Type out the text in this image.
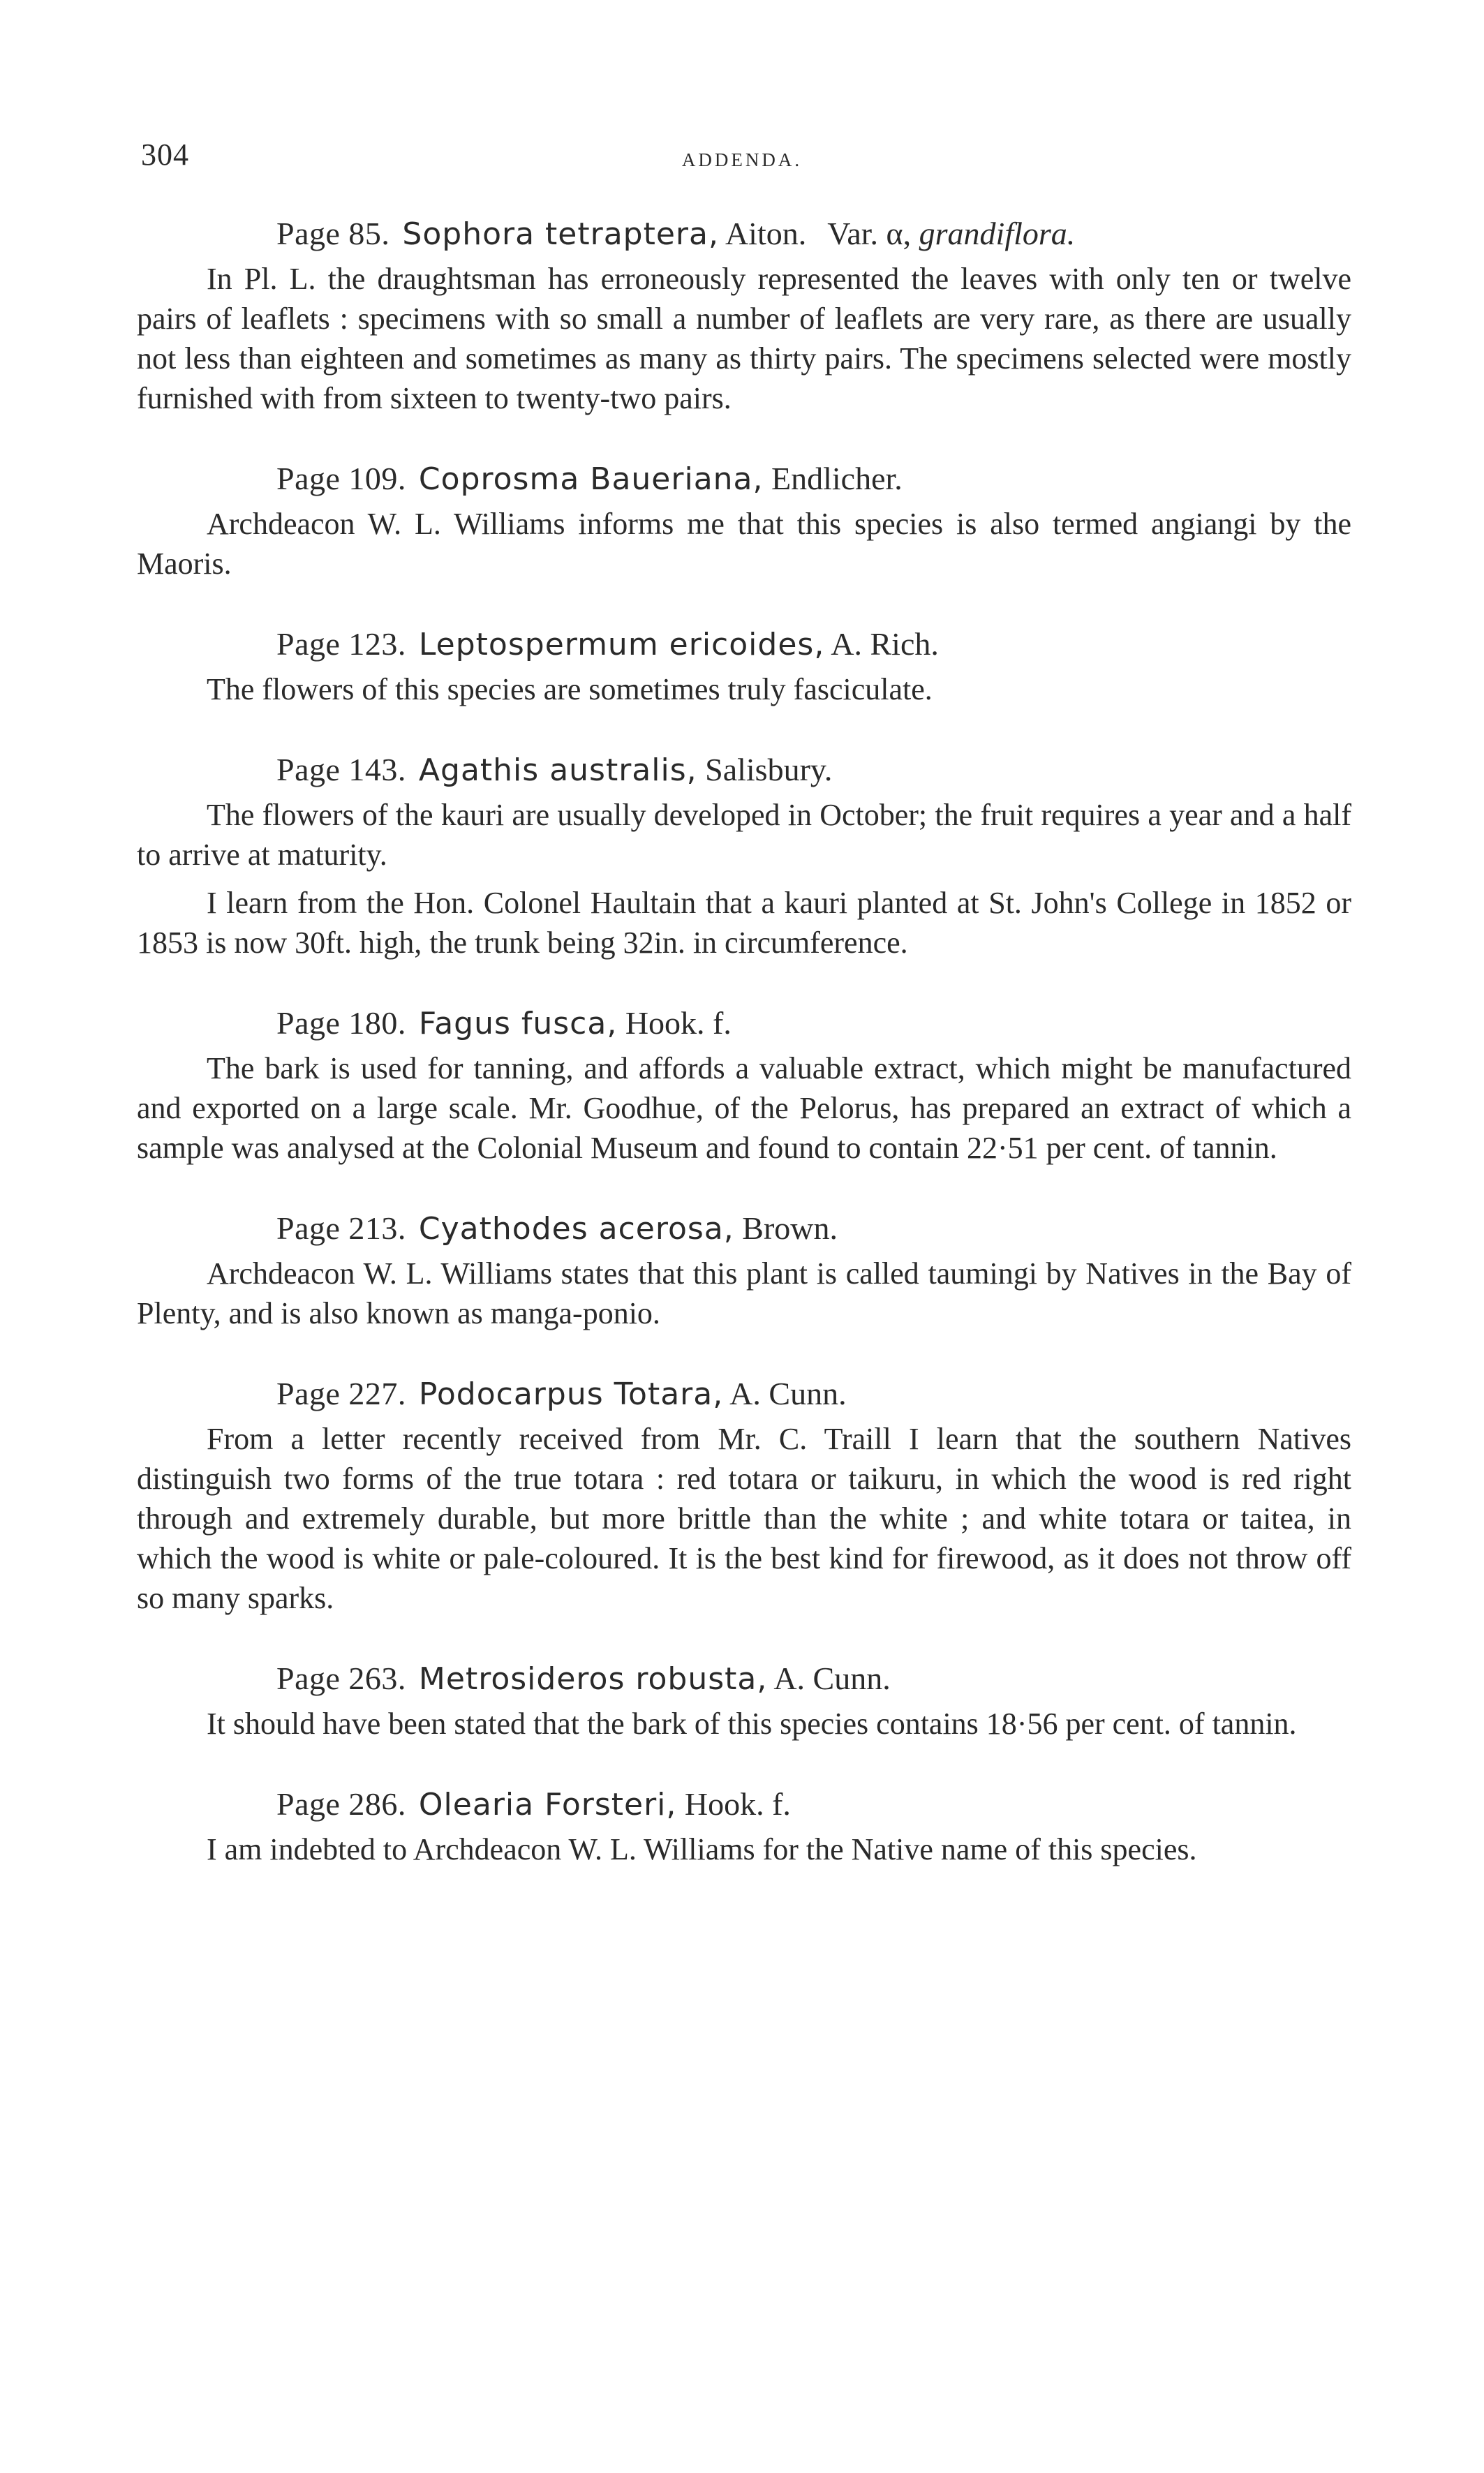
304	ADDENDA.
Page 85. Sophora tetraptera, Aiton. Var. α, grandiflora.

In Pl. L. the draughtsman has erroneously represented the leaves with only ten or twelve pairs of leaflets : specimens with so small a number of leaflets are very rare, as there are usually not less than eighteen and sometimes as many as thirty pairs. The specimens selected were mostly furnished with from sixteen to twenty-two pairs.

Page 109. Coprosma Baueriana, Endlicher.

Archdeacon W. L. Williams informs me that this species is also termed angiangi by the Maoris.

Page 123. Leptospermum ericoides, A. Rich.

The flowers of this species are sometimes truly fasciculate.

Page 143. Agathis australis, Salisbury.

The flowers of the kauri are usually developed in October; the fruit requires a year and a half to arrive at maturity.

I learn from the Hon. Colonel Haultain that a kauri planted at St. John's College in 1852 or 1853 is now 30ft. high, the trunk being 32in. in circumference.

Page 180. Fagus fusca, Hook. f.

The bark is used for tanning, and affords a valuable extract, which might be manufactured and exported on a large scale. Mr. Goodhue, of the Pelorus, has prepared an extract of which a sample was analysed at the Colonial Museum and found to contain 22·51 per cent. of tannin.

Page 213. Cyathodes acerosa, Brown.

Archdeacon W. L. Williams states that this plant is called taumingi by Natives in the Bay of Plenty, and is also known as manga-ponio.

Page 227. Podocarpus Totara, A. Cunn.

From a letter recently received from Mr. C. Traill I learn that the southern Natives distinguish two forms of the true totara : red totara or taikuru, in which the wood is red right through and extremely durable, but more brittle than the white ; and white totara or taitea, in which the wood is white or pale-coloured. It is the best kind for firewood, as it does not throw off so many sparks.

Page 263. Metrosideros robusta, A. Cunn.

It should have been stated that the bark of this species contains 18·56 per cent. of tannin.

Page 286. Olearia Forsteri, Hook. f.

I am indebted to Archdeacon W. L. Williams for the Native name of this species.
